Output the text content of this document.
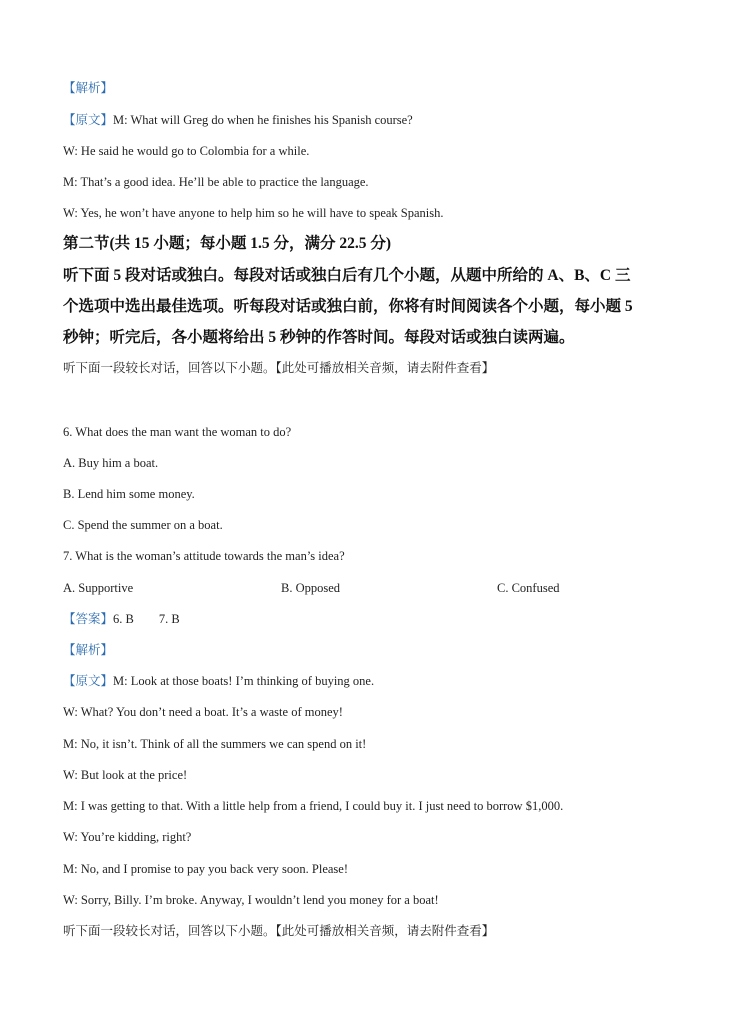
【解析】
【原文】M: What will Greg do when he finishes his Spanish course?
W: He said he would go to Colombia for a while.
M: That’s a good idea. He’ll be able to practice the language.
W: Yes, he won’t have anyone to help him so he will have to speak Spanish.
第二节(共 15 小题；每小题 1.5 分，满分 22.5 分)
听下面 5 段对话或独白。每段对话或独白后有几个小题，从题中所给的 A、B、C 三
个选项中选出最佳选项。听每段对话或独白前，你将有时间阅读各个小题，每小题 5
秒钟；听完后，各小题将给出 5 秒钟的作答时间。每段对话或独白读两遍。
听下面一段较长对话，回答以下小题。【此处可播放相关音频，请去附件查看】
6. What does the man want the woman to do?
A. Buy him a boat.
B. Lend him some money.
C. Spend the summer on a boat.
7. What is the woman’s attitude towards the man’s idea?
A. Supportive	B. Opposed	C. Confused
【答案】6. B        7. B
【解析】
【原文】M: Look at those boats! I’m thinking of buying one.
W: What? You don’t need a boat. It’s a waste of money!
M: No, it isn’t. Think of all the summers we can spend on it!
W: But look at the price!
M: I was getting to that. With a little help from a friend, I could buy it. I just need to borrow $1,000.
W: You’re kidding, right?
M: No, and I promise to pay you back very soon. Please!
W: Sorry, Billy. I’m broke. Anyway, I wouldn’t lend you money for a boat!
听下面一段较长对话，回答以下小题。【此处可播放相关音频，请去附件查看】
